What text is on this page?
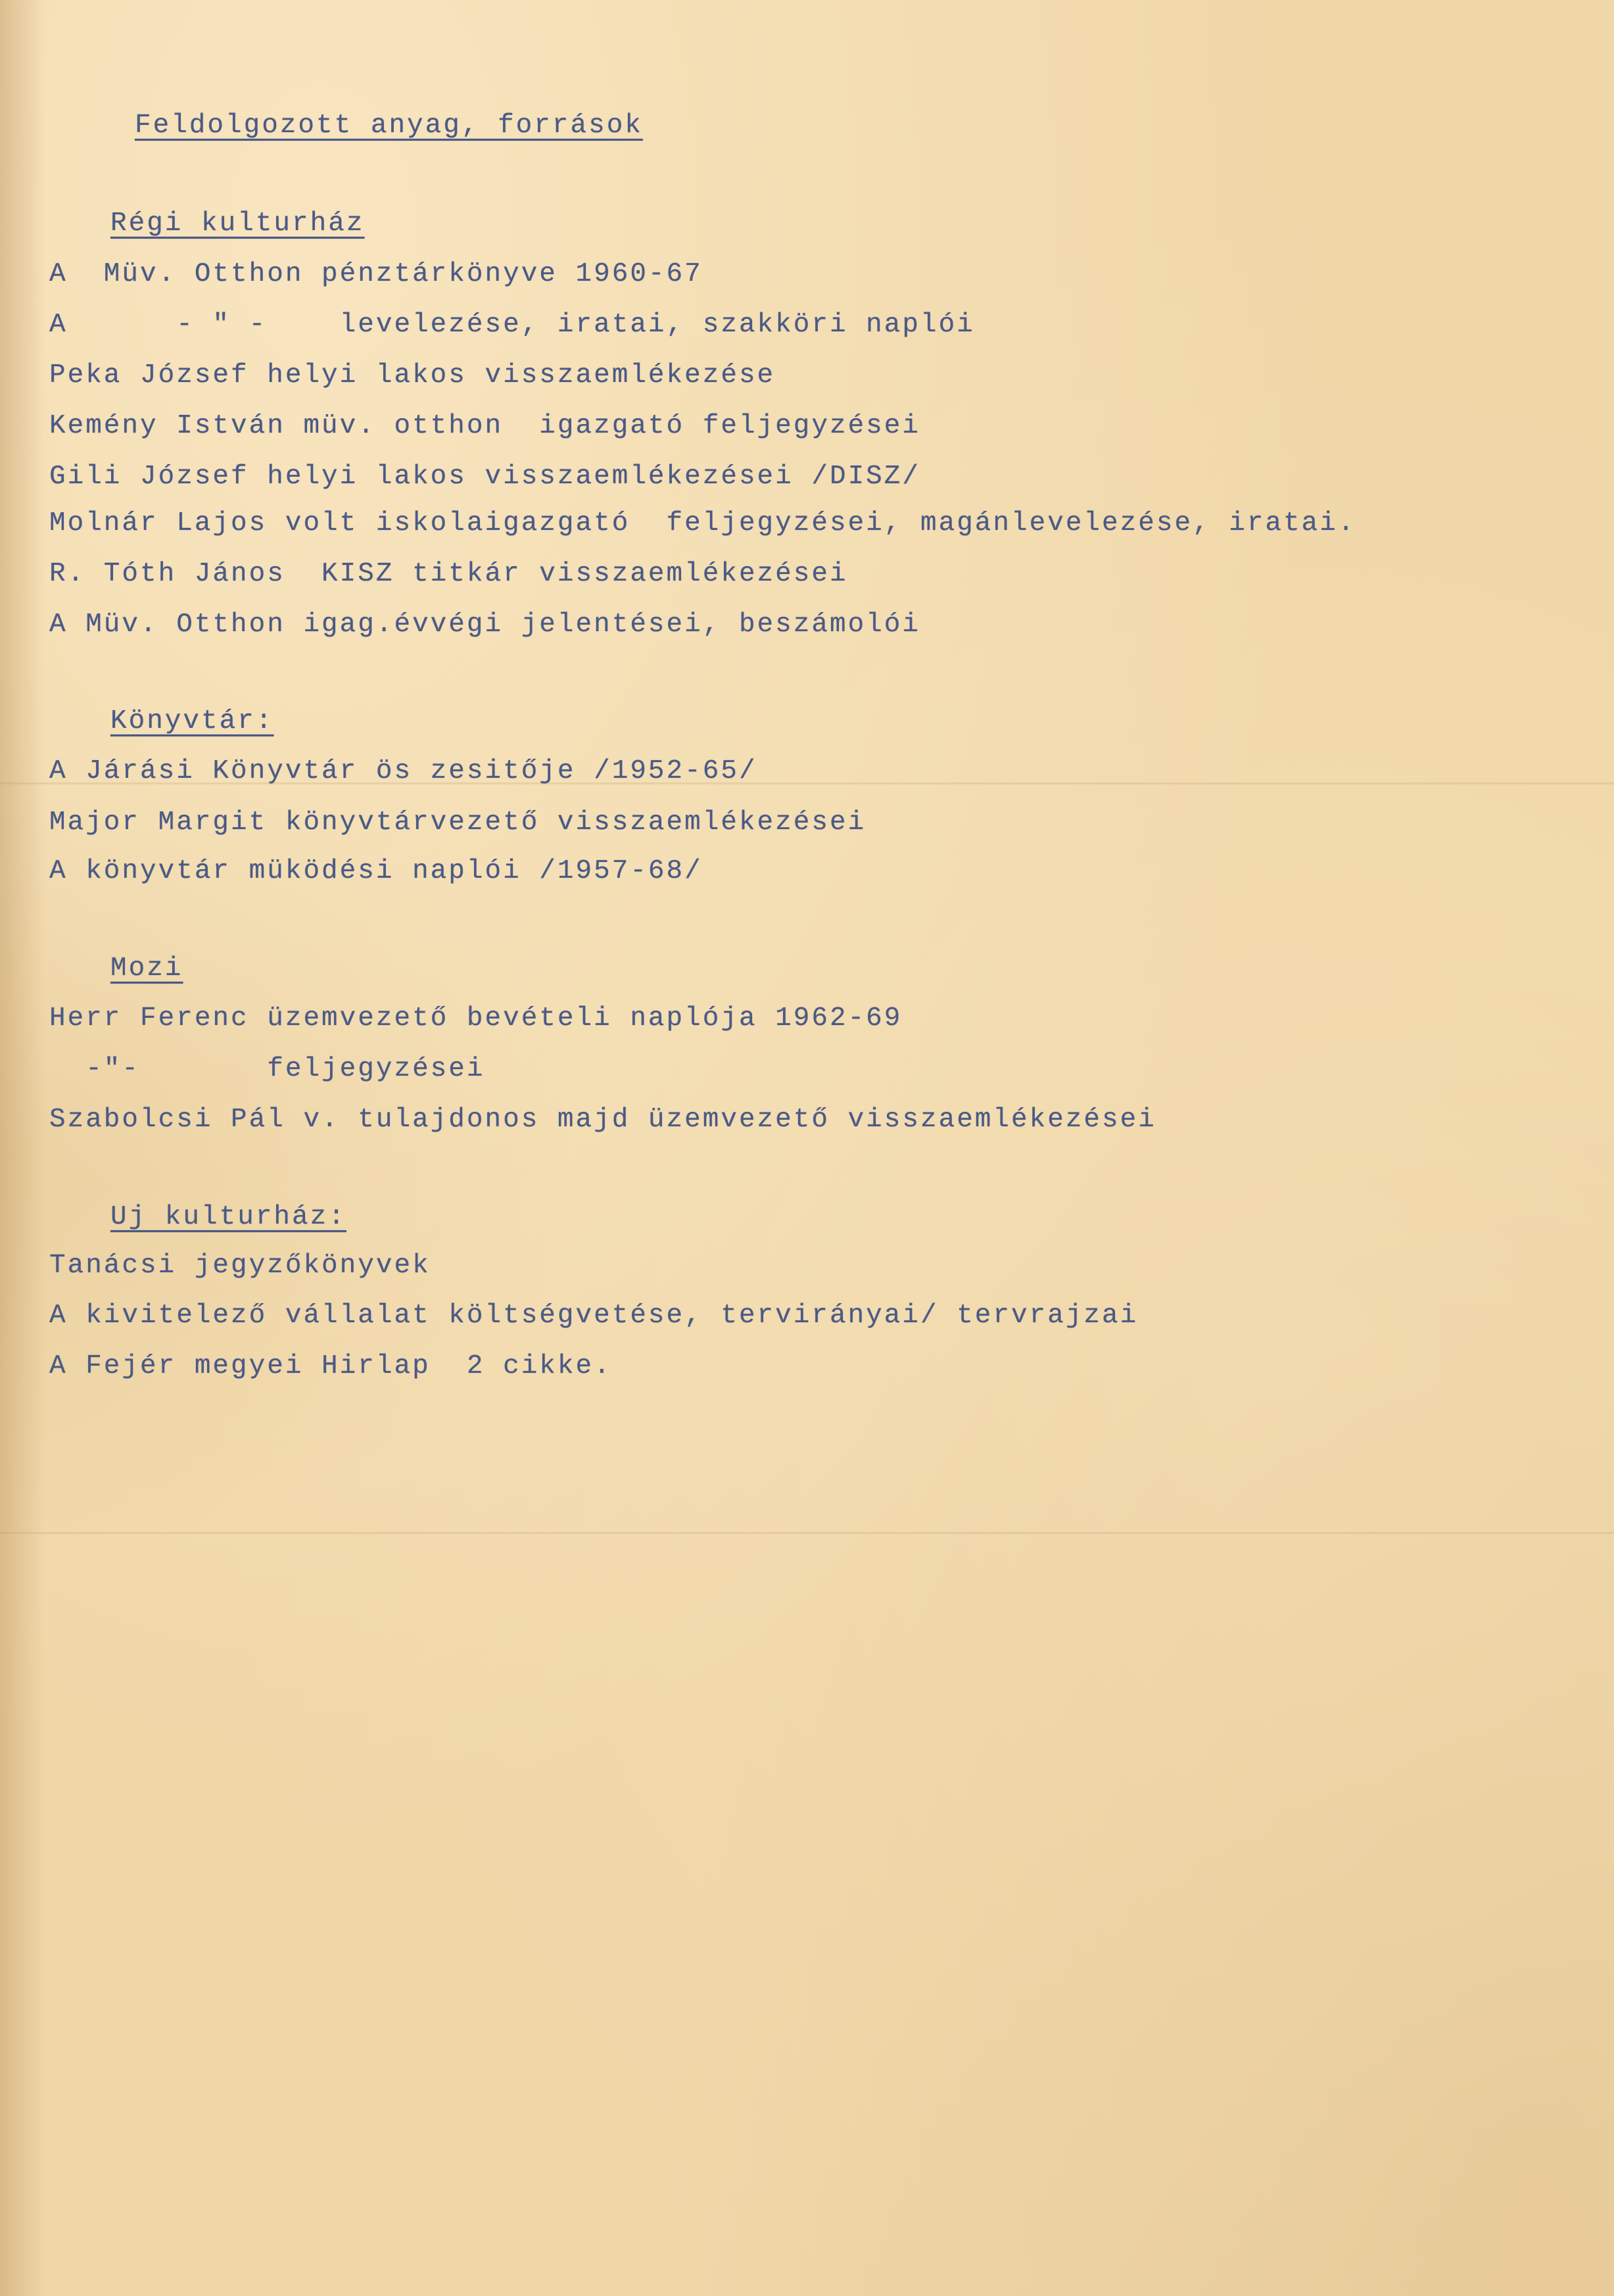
Feldolgozott anyag, források
Régi kulturház
A  Müv. Otthon pénztárkönyve 1960-67
A      - " -    levelezése, iratai, szakköri naplói
Peka József helyi lakos visszaemlékezése
Kemény István müv. otthon  igazgató feljegyzései
Gili József helyi lakos visszaemlékezései /DISZ/
Molnár Lajos volt iskolaigazgató  feljegyzései, magánlevelezése, iratai.
R. Tóth János  KISZ titkár visszaemlékezései
A Müv. Otthon igag.évvégi jelentései, beszámolói
Könyvtár:
A Járási Könyvtár ös zesitője /1952-65/
Major Margit könyvtárvezető visszaemlékezései
A könyvtár müködési naplói /1957-68/
Mozi
Herr Ferenc üzemvezető bevételi naplója 1962-69
-"-       feljegyzései
Szabolcsi Pál v. tulajdonos majd üzemvezető visszaemlékezései
Uj kulturház:
Tanácsi jegyzőkönyvek
A kivitelező vállalat költségvetése, tervirányai/ tervrajzai
A Fejér megyei Hirlap  2 cikke.
